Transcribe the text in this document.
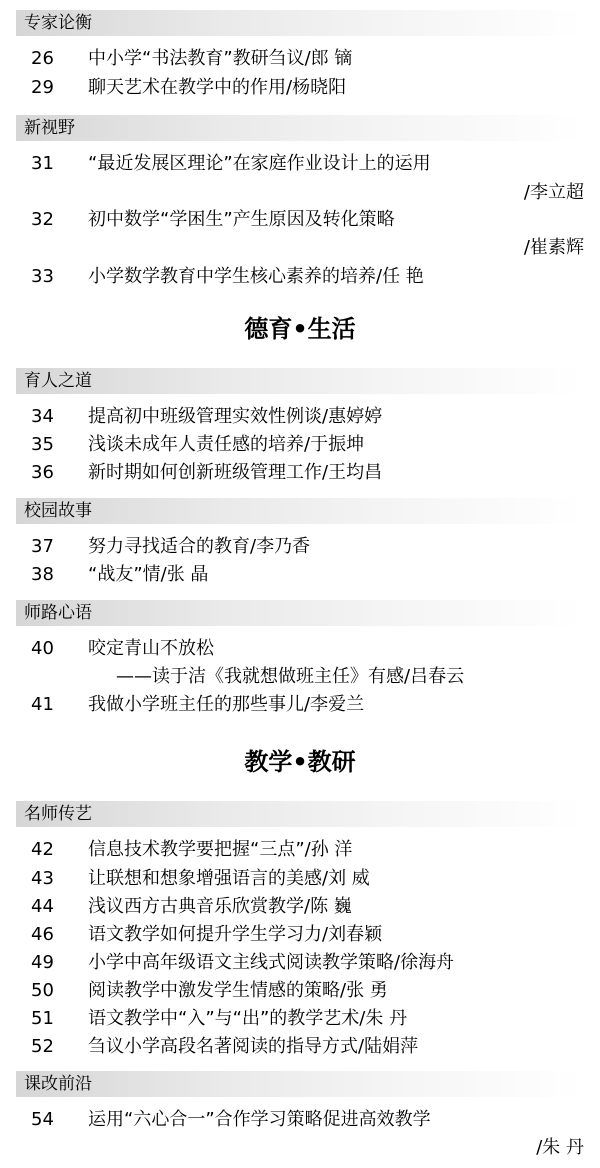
专家论衡
26	中小学“书法教育”教研刍议/郎 镝
29	聊天艺术在教学中的作用/杨晓阳
新视野
31	“最近发展区理论”在家庭作业设计上的运用
/李立超
32	初中数学“学困生”产生原因及转化策略
/崔素辉
33	小学数学教育中学生核心素养的培养/任 艳
德育•生活
育人之道
34	提高初中班级管理实效性例谈/惠婷婷
35	浅谈未成年人责任感的培养/于振坤
36	新时期如何创新班级管理工作/王均昌
校园故事
37	努力寻找适合的教育/李乃香
38	“战友”情/张 晶
师路心语
40	咬定青山不放松
——读于洁《我就想做班主任》有感/吕春云
41	我做小学班主任的那些事儿/李爱兰
教学•教研
名师传艺
42	信息技术教学要把握“三点”/孙 洋
43	让联想和想象增强语言的美感/刘 威
44	浅议西方古典音乐欣赏教学/陈 巍
46	语文教学如何提升学生学习力/刘春颖
49	小学中高年级语文主线式阅读教学策略/徐海舟
50	阅读教学中激发学生情感的策略/张 勇
51	语文教学中“入”与“出”的教学艺术/朱 丹
52	刍议小学高段名著阅读的指导方式/陆娟萍
课改前沿
54	运用“六心合一”合作学习策略促进高效教学
/朱 丹
